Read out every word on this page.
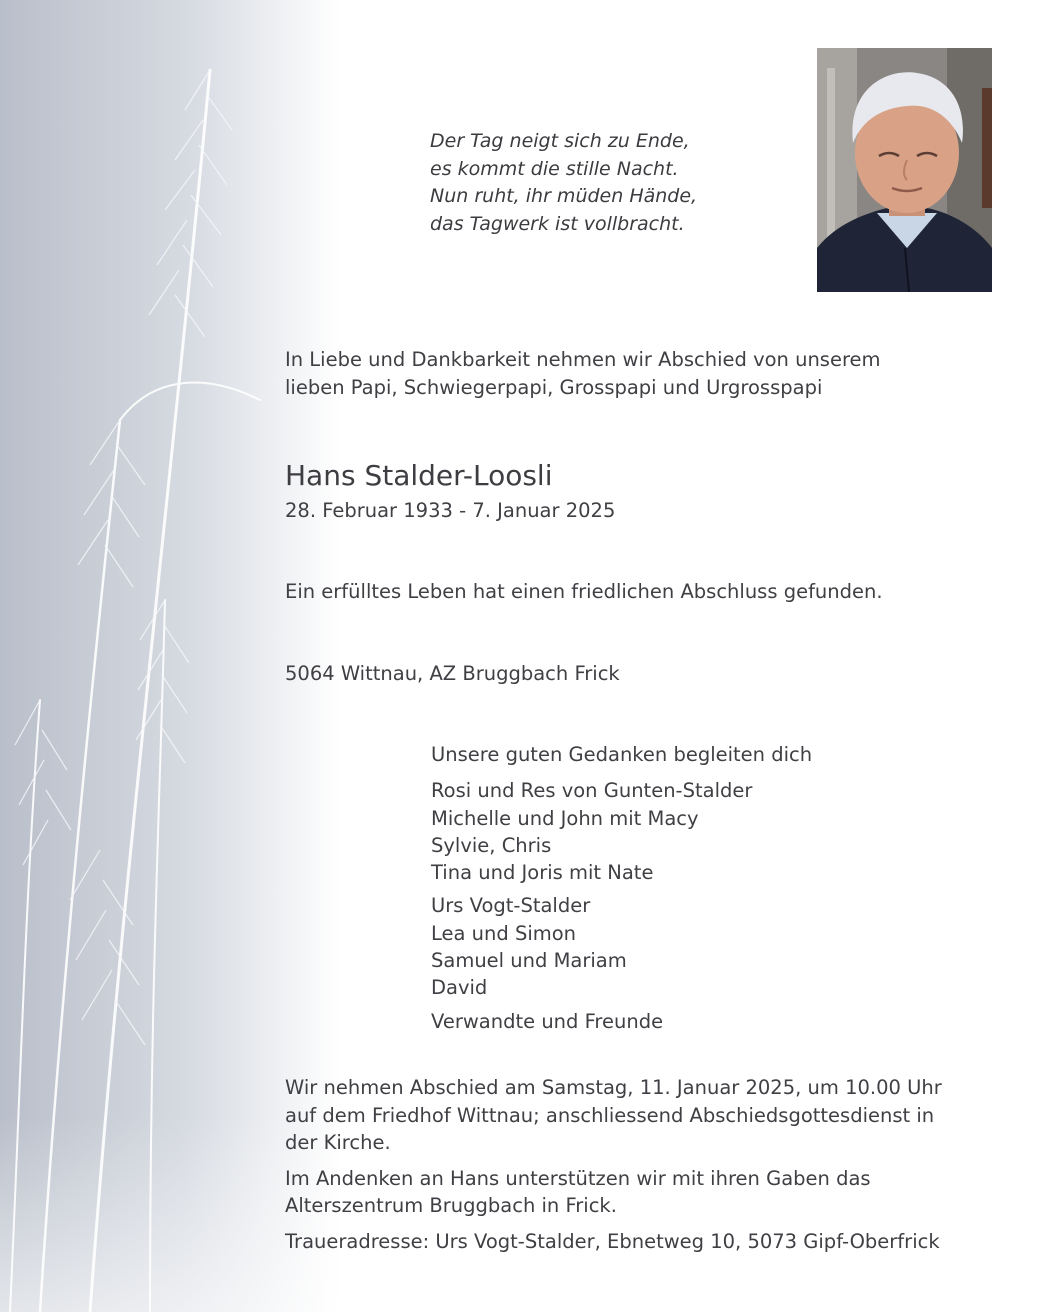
Der Tag neigt sich zu Ende,
es kommt die stille Nacht.
Nun ruht, ihr müden Hände,
das Tagwerk ist vollbracht.
In Liebe und Dankbarkeit nehmen wir Abschied von unserem
lieben Papi, Schwiegerpapi, Grosspapi und Urgrosspapi
Hans Stalder-Loosli
28. Februar 1933 - 7. Januar 2025
Ein erfülltes Leben hat einen friedlichen Abschluss gefunden.
5064 Wittnau, AZ Bruggbach Frick
Unsere guten Gedanken begleiten dich
Rosi und Res von Gunten-Stalder
Michelle und John mit Macy
Sylvie, Chris
Tina und Joris mit Nate
Urs Vogt-Stalder
Lea und Simon
Samuel und Mariam
David
Verwandte und Freunde
Wir nehmen Abschied am Samstag, 11. Januar 2025, um 10.00 Uhr
auf dem Friedhof Wittnau; anschliessend Abschiedsgottesdienst in
der Kirche.
Im Andenken an Hans unterstützen wir mit ihren Gaben das
Alterszentrum Bruggbach in Frick.
Traueradresse: Urs Vogt-Stalder, Ebnetweg 10, 5073 Gipf-Oberfrick
